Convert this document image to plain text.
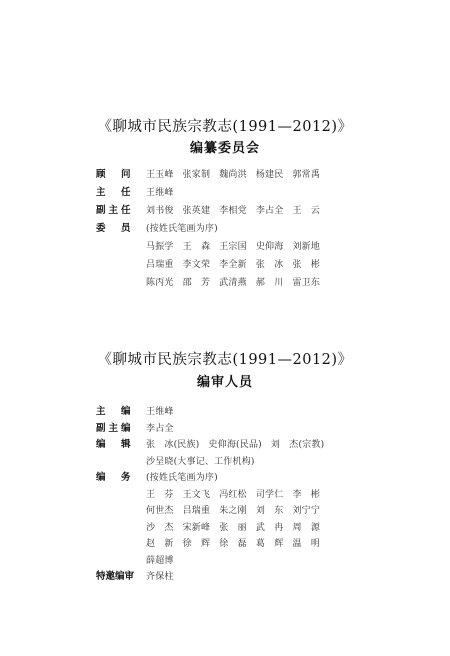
《聊城市民族宗教志(1991—2012)》
编纂委员会
顾　问 王玉峰 张家制 魏尚洪 杨建民 郭常禹
主　任 王维峰
副主任 刘书俊 张英建 李相党 李占全 王　云
委　员 (按姓氏笔画为序)
马振学 王　森 王宗国 史仰海 刘新地
吕瑞重 李文荣 李全新 张　冰 张　彬
陈丙光 邵　芳 武清燕 郝　川 雷卫东
《聊城市民族宗教志(1991—2012)》
编审人员
主　编 王维峰
副主编 李占全
编　辑 张　冰(民族) 史仰海(民品) 刘　杰(宗教)
沙呈晓(大事记、工作机构)
编　务 (按姓氏笔画为序)
王　芬 王文飞 冯红松 司学仁 李　彬
何世杰 吕瑞重 朱之刚 刘　东 刘宁宁
沙　杰 宋新峰 张　丽 武　冉 周　源
赵　新 徐　辉 徐　磊 葛　辉 温　明
薛超博
特邀编审 齐保柱
